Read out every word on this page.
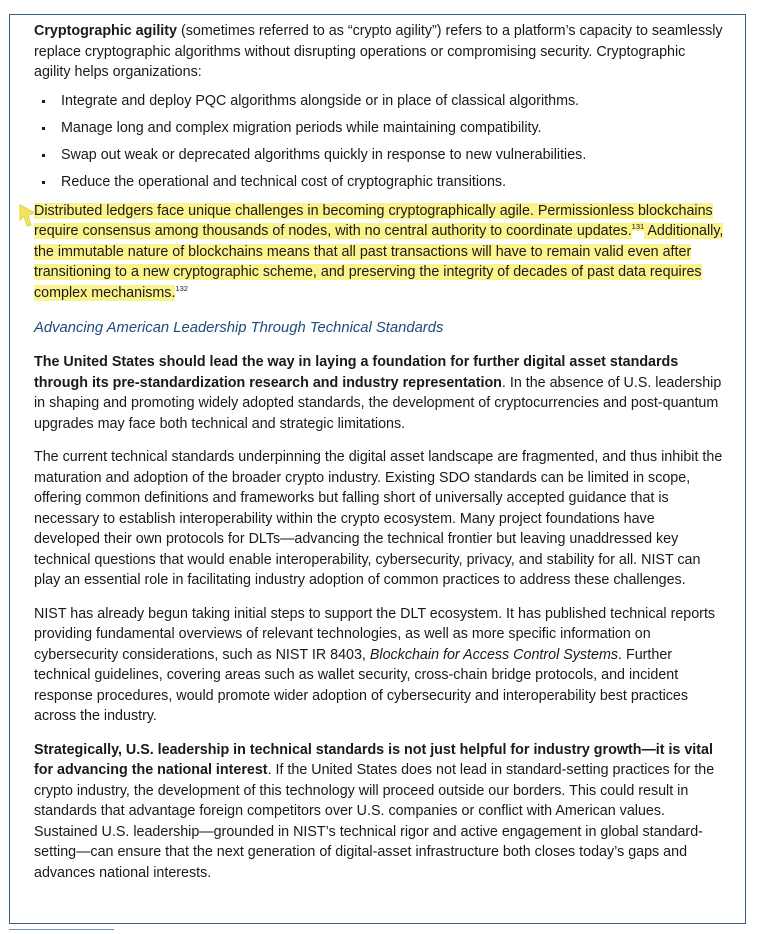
Cryptographic agility (sometimes referred to as “crypto agility”) refers to a platform’s capacity to seamlessly replace cryptographic algorithms without disrupting operations or compromising security. Cryptographic agility helps organizations:

Integrate and deploy PQC algorithms alongside or in place of classical algorithms.
Manage long and complex migration periods while maintaining compatibility.
Swap out weak or deprecated algorithms quickly in response to new vulnerabilities.
Reduce the operational and technical cost of cryptographic transitions.

Distributed ledgers face unique challenges in becoming cryptographically agile. Permissionless blockchains require consensus among thousands of nodes, with no central authority to coordinate updates.$^{131}$ Additionally, the immutable nature of blockchains means that all past transactions will have to remain valid even after transitioning to a new cryptographic scheme, and preserving the integrity of decades of past data requires complex mechanisms.$^{132}$

Advancing American Leadership Through Technical Standards

The United States should lead the way in laying a foundation for further digital asset standards through its pre-standardization research and industry representation. In the absence of U.S. leadership in shaping and promoting widely adopted standards, the development of cryptocurrencies and post-quantum upgrades may face both technical and strategic limitations.

The current technical standards underpinning the digital asset landscape are fragmented, and thus inhibit the maturation and adoption of the broader crypto industry. Existing SDO standards can be limited in scope, offering common definitions and frameworks but falling short of universally accepted guidance that is necessary to establish interoperability within the crypto ecosystem. Many project foundations have developed their own protocols for DLTs—advancing the technical frontier but leaving unaddressed key technical questions that would enable interoperability, cybersecurity, privacy, and stability for all. NIST can play an essential role in facilitating industry adoption of common practices to address these challenges.

NIST has already begun taking initial steps to support the DLT ecosystem. It has published technical reports providing fundamental overviews of relevant technologies, as well as more specific information on cybersecurity considerations, such as NIST IR 8403, Blockchain for Access Control Systems. Further technical guidelines, covering areas such as wallet security, cross-chain bridge protocols, and incident response procedures, would promote wider adoption of cybersecurity and interoperability best practices across the industry.

Strategically, U.S. leadership in technical standards is not just helpful for industry growth—it is vital for advancing the national interest. If the United States does not lead in standard-setting practices for the crypto industry, the development of this technology will proceed outside our borders. This could result in standards that advantage foreign competitors over U.S. companies or conflict with American values. Sustained U.S. leadership—grounded in NIST’s technical rigor and active engagement in global standard-setting—can ensure that the next generation of digital-asset infrastructure both closes today’s gaps and advances national interests.
